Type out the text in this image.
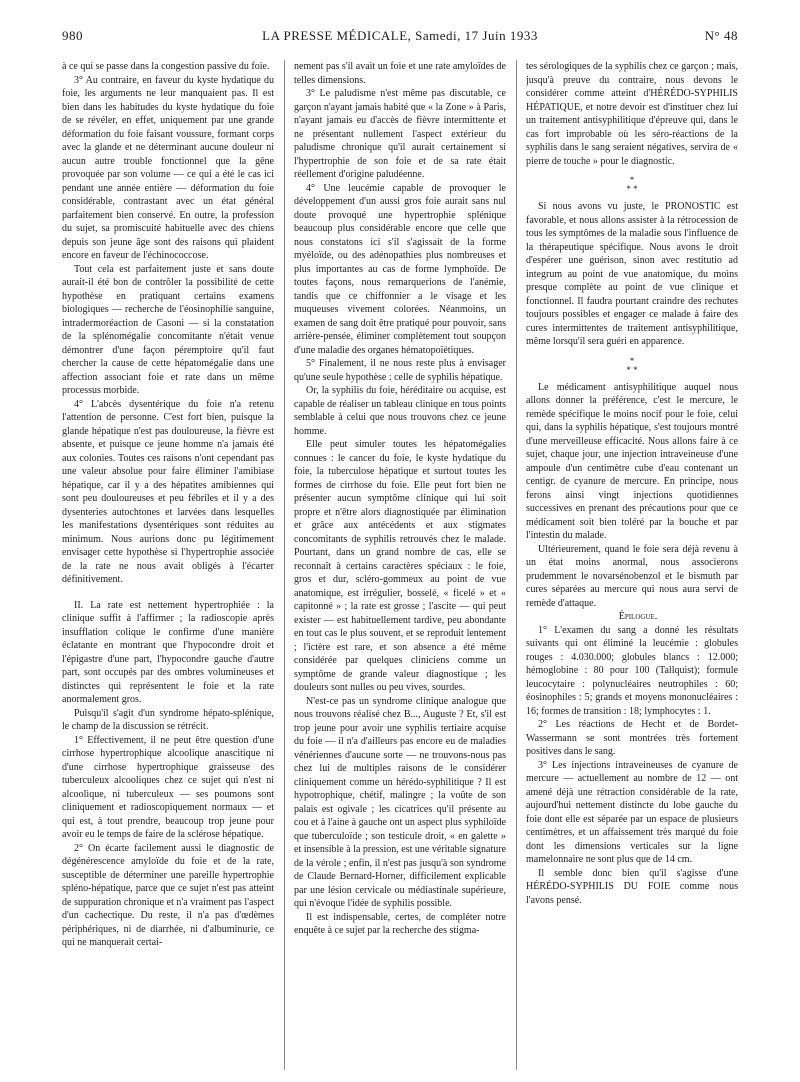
980	LA PRESSE MÉDICALE, Samedi, 17 Juin 1933	N° 48

à ce qui se passe dans la congestion passive du foie.

3° Au contraire, en faveur du kyste hydatique du foie, les arguments ne leur manquaient pas. Il est bien dans les habitudes du kyste hydatique du foie de se révéler, en effet, uniquement par une grande déformation du foie faisant voussure, formant corps avec la glande et ne déterminant aucune douleur ni aucun autre trouble fonctionnel que la gêne provoquée par son volume — ce qui a été le cas ici pendant une année entière — déformation du foie considérable, contrastant avec un état général parfaitement bien conservé. En outre, la profession du sujet, sa promiscuité habituelle avec des chiens depuis son jeune âge sont des raisons qui plaident encore en faveur de l'échinococcose.

Tout cela est parfaitement juste et sans doute aurait-il été bon de contrôler la possibilité de cette hypothèse en pratiquant certains examens biologiques — recherche de l'éosinophilie sanguine, intradermoréaction de Casoni — si la constatation de la splénomégalie concomitante n'était venue démontrer d'une façon péremptoire qu'il faut chercher la cause de cette hépatomégalie dans une affection associant foie et rate dans un même processus morbide.

4° L'abcès dysentérique du foie n'a retenu l'attention de personne. C'est fort bien, puisque la glande hépatique n'est pas douloureuse, la fièvre est absente, et puisque ce jeune homme n'a jamais été aux colonies. Toutes ces raisons n'ont cependant pas une valeur absolue pour faire éliminer l'amibiase hépatique, car il y a des hépatites amibiennes qui sont peu douloureuses et peu fébriles et il y a des dysenteries autochtones et larvées dans lesquelles les manifestations dysentériques sont réduites au minimum. Nous aurions donc pu légitimement envisager cette hypothèse si l'hypertrophie associée de la rate ne nous avait obligés à l'écarter définitivement.

II. La rate est nettement hypertrophiée : la clinique suffit à l'affirmer ; la radioscopie après insufflation colique le confirme d'une manière éclatante en montrant que l'hypocondre droit et l'épigastre d'une part, l'hypocondre gauche d'autre part, sont occupés par des ombres volumineuses et distinctes qui représentent le foie et la rate anormalement gros.

Puisqu'il s'agit d'un syndrome hépato-splénique, le champ de la discussion se rétrécit.

1° Effectivement, il ne peut être question d'une cirrhose hypertrophique alcoolique anascitique ni d'une cirrhose hypertrophique graisseuse des tuberculeux alcooliques chez ce sujet qui n'est ni alcoolique, ni tuberculeux — ses poumons sont cliniquement et radioscopiquement normaux — et qui est, à tout prendre, beaucoup trop jeune pour avoir eu le temps de faire de la sclérose hépatique.

2° On écarte facilement aussi le diagnostic de dégénérescence amyloïde du foie et de la rate, susceptible de déterminer une pareille hypertrophie spléno-hépatique, parce que ce sujet n'est pas atteint de suppuration chronique et n'a vraiment pas l'aspect d'un cachectique. Du reste, il n'a pas d'œdèmes périphériques, ni de diarrhée, ni d'albuminurie, ce qui ne manquerait certai-

nement pas s'il avait un foie et une rate amyloïdes de telles dimensions.

3° Le paludisme n'est même pas discutable, ce garçon n'ayant jamais habité que « la Zone » à Paris, n'ayant jamais eu d'accès de fièvre intermittente et ne présentant nullement l'aspect extérieur du paludisme chronique qu'il aurait certainement si l'hypertrophie de son foie et de sa rate était réellement d'origine paludéenne.

4° Une leucémie capable de provoquer le développement d'un aussi gros foie aurait sans nul doute provoqué une hypertrophie splénique beaucoup plus considérable encore que celle que nous constatons ici s'il s'agissait de la forme myéloïde, ou des adénopathies plus nombreuses et plus importantes au cas de forme lymphoïde. De toutes façons, nous remarquerions de l'anémie, tandis que ce chiffonnier a le visage et les muqueuses vivement colorées. Néanmoins, un examen de sang doit être pratiqué pour pouvoir, sans arrière-pensée, éliminer complètement tout soupçon d'une maladie des organes hématopoïétiques.

5° Finalement, il ne nous reste plus à envisager qu'une seule hypothèse : celle de syphilis hépatique.

Or, la syphilis du foie, héréditaire ou acquise, est capable de réaliser un tableau clinique en tous points semblable à celui que nous trouvons chez ce jeune homme.

Elle peut simuler toutes les hépatomégalies connues : le cancer du foie, le kyste hydatique du foie, la tuberculose hépatique et surtout toutes les formes de cirrhose du foie. Elle peut fort bien ne présenter aucun symptôme clinique qui lui soit propre et n'être alors diagnostiquée par élimination et grâce aux antécédents et aux stigmates concomitants de syphilis retrouvés chez le malade. Pourtant, dans un grand nombre de cas, elle se reconnaît à certains caractères spéciaux : le foie, gros et dur, scléro-gommeux au point de vue anatomique, est irrégulier, bosselé, « ficelé » et « capitonné » ; la rate est grosse ; l'ascite — qui peut exister — est habituellement tardive, peu abondante en tout cas le plus souvent, et se reproduit lentement ; l'ictère est rare, et son absence a été même considérée par quelques cliniciens comme un symptôme de grande valeur diagnostique ; les douleurs sont nulles ou peu vives, sourdes.

N'est-ce pas un syndrome clinique analogue que nous trouvons réalisé chez B..., Auguste ? Et, s'il est trop jeune pour avoir une syphilis tertiaire acquise du foie — il n'a d'ailleurs pas encore eu de maladies vénériennes d'aucune sorte — ne trouvons-nous pas chez lui de multiples raisons de le considérer cliniquement comme un hérédo-syphilitique ? Il est hypotrophique, chétif, malingre ; la voûte de son palais est ogivale ; les cicatrices qu'il présente au cou et à l'aine à gauche ont un aspect plus syphiloïde que tuberculoïde ; son testicule droit, « en galette » et insensible à la pression, est une véritable signature de la vérole ; enfin, il n'est pas jusqu'à son syndrome de Claude Bernard-Horner, difficilement explicable par une lésion cervicale ou médiastinale supérieure, qui n'évoque l'idée de syphilis possible.

Il est indispensable, certes, de compléter notre enquête à ce sujet par la recherche des stigma-

tes sérologiques de la syphilis chez ce garçon ; mais, jusqu'à preuve du contraire, nous devons le considérer comme atteint d'HÉRÉDO-SYPHILIS HÉPATIQUE, et notre devoir est d'instituer chez lui un traitement antisyphilitique d'épreuve qui, dans le cas fort improbable où les séro-réactions de la syphilis dans le sang seraient négatives, servira de « pierre de touche » pour le diagnostic.

*
* *

Si nous avons vu juste, le PRONOSTIC est favorable, et nous allons assister à la rétrocession de tous les symptômes de la maladie sous l'influence de la thérapeutique spécifique. Nous avons le droit d'espérer une guérison, sinon avec restitutio ad integrum au point de vue anatomique, du moins presque complète au point de vue clinique et fonctionnel. Il faudra pourtant craindre des rechutes toujours possibles et engager ce malade à faire des cures intermittentes de traitement antisyphilitique, même lorsqu'il sera guéri en apparence.

*
* *

Le médicament antisyphilitique auquel nous allons donner la préférence, c'est le mercure, le remède spécifique le moins nocif pour le foie, celui qui, dans la syphilis hépatique, s'est toujours montré d'une merveilleuse efficacité. Nous allons faire à ce sujet, chaque jour, une injection intraveineuse d'une ampoule d'un centimètre cube d'eau contenant un centigr. de cyanure de mercure. En principe, nous ferons ainsi vingt injections quotidiennes successives en prenant des précautions pour que ce médicament soit bien toléré par la bouche et par l'intestin du malade.

Ultérieurement, quand le foie sera déjà revenu à un état moins anormal, nous associerons prudemment le novarsénobenzol et le bismuth par cures séparées au mercure qui nous aura servi de remède d'attaque.

Épilogue.

1° L'examen du sang a donné les résultats suivants qui ont éliminé la leucémie : globules rouges : 4.030.000; globules blancs : 12.000; hémoglobine : 80 pour 100 (Tallquist); formule leucocytaire : polynucléaires neutrophiles : 60; éosinophiles : 5; grands et moyens mononucléaires : 16; formes de transition : 18; lymphocytes : 1.

2° Les réactions de Hecht et de Bordet-Wassermann se sont montrées très fortement positives dans le sang.

3° Les injections intraveineuses de cyanure de mercure — actuellement au nombre de 12 — ont amené déjà une rétraction considérable de la rate, aujourd'hui nettement distincte du lobe gauche du foie dont elle est séparée par un espace de plusieurs centimètres, et un affaissement très marqué du foie dont les dimensions verticales sur la ligne mamelonnaire ne sont plus que de 14 cm.

Il semble donc bien qu'il s'agisse d'une HÉRÉDO-SYPHILIS DU FOIE comme nous l'avons pensé.
